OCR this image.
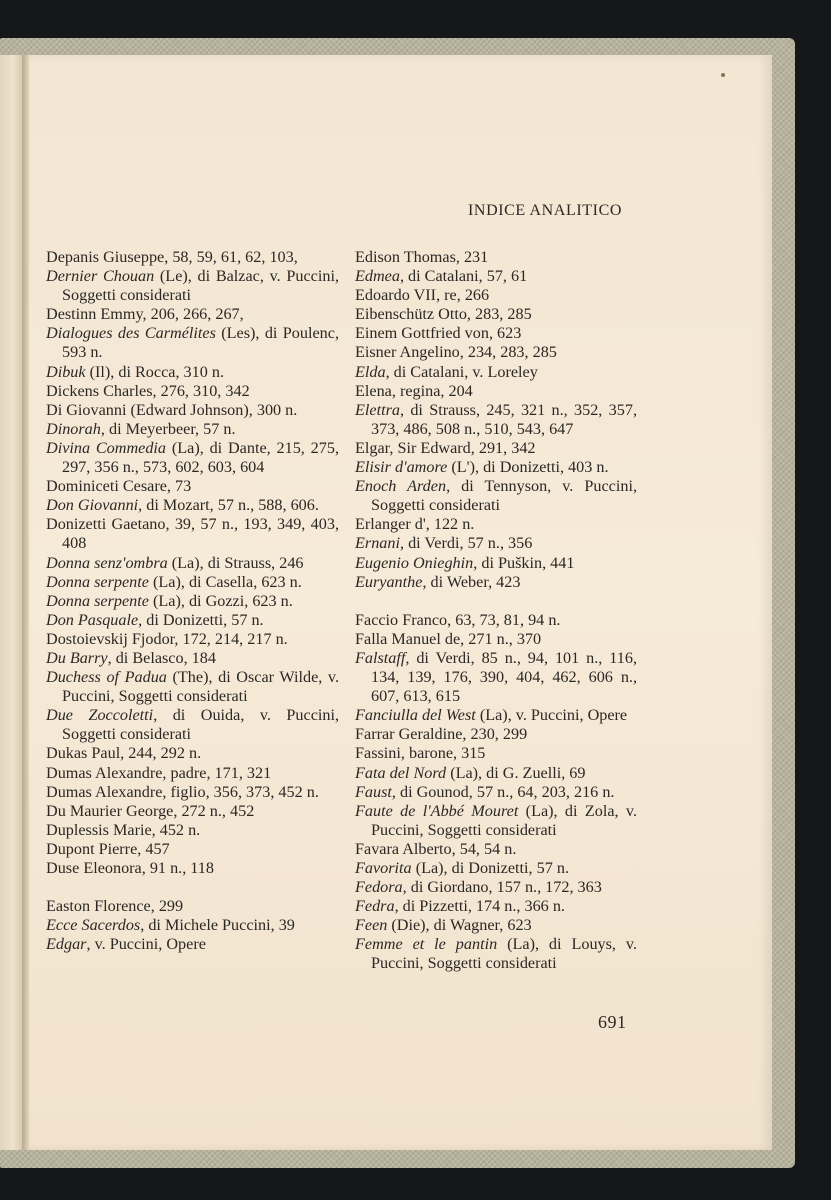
INDICE ANALITICO
Depanis Giuseppe, 58, 59, 61, 62, 103,
Dernier Chouan (Le), di Balzac, v. Puccini, Soggetti considerati
Destinn Emmy, 206, 266, 267,
Dialogues des Carmélites (Les), di Poulenc, 593 n.
Dibuk (Il), di Rocca, 310 n.
Dickens Charles, 276, 310, 342
Di Giovanni (Edward Johnson), 300 n.
Dinorah, di Meyerbeer, 57 n.
Divina Commedia (La), di Dante, 215, 275, 297, 356 n., 573, 602, 603, 604
Dominiceti Cesare, 73
Don Giovanni, di Mozart, 57 n., 588, 606.
Donizetti Gaetano, 39, 57 n., 193, 349, 403, 408
Donna senz'ombra (La), di Strauss, 246
Donna serpente (La), di Casella, 623 n.
Donna serpente (La), di Gozzi, 623 n.
Don Pasquale, di Donizetti, 57 n.
Dostoievskij Fjodor, 172, 214, 217 n.
Du Barry, di Belasco, 184
Duchess of Padua (The), di Oscar Wilde, v. Puccini, Soggetti considerati
Due Zoccoletti, di Ouida, v. Puccini, Soggetti considerati
Dukas Paul, 244, 292 n.
Dumas Alexandre, padre, 171, 321
Dumas Alexandre, figlio, 356, 373, 452 n.
Du Maurier George, 272 n., 452
Duplessis Marie, 452 n.
Dupont Pierre, 457
Duse Eleonora, 91 n., 118
Easton Florence, 299
Ecce Sacerdos, di Michele Puccini, 39
Edgar, v. Puccini, Opere
Edison Thomas, 231
Edmea, di Catalani, 57, 61
Edoardo VII, re, 266
Eibenschütz Otto, 283, 285
Einem Gottfried von, 623
Eisner Angelino, 234, 283, 285
Elda, di Catalani, v. Loreley
Elena, regina, 204
Elettra, di Strauss, 245, 321 n., 352, 357, 373, 486, 508 n., 510, 543, 647
Elgar, Sir Edward, 291, 342
Elisir d'amore (L'), di Donizetti, 403 n.
Enoch Arden, di Tennyson, v. Puccini, Soggetti considerati
Erlanger d', 122 n.
Ernani, di Verdi, 57 n., 356
Eugenio Onieghin, di Puškin, 441
Euryanthe, di Weber, 423
Faccio Franco, 63, 73, 81, 94 n.
Falla Manuel de, 271 n., 370
Falstaff, di Verdi, 85 n., 94, 101 n., 116, 134, 139, 176, 390, 404, 462, 606 n., 607, 613, 615
Fanciulla del West (La), v. Puccini, Opere
Farrar Geraldine, 230, 299
Fassini, barone, 315
Fata del Nord (La), di G. Zuelli, 69
Faust, di Gounod, 57 n., 64, 203, 216 n.
Faute de l'Abbé Mouret (La), di Zola, v. Puccini, Soggetti considerati
Favara Alberto, 54, 54 n.
Favorita (La), di Donizetti, 57 n.
Fedora, di Giordano, 157 n., 172, 363
Fedra, di Pizzetti, 174 n., 366 n.
Feen (Die), di Wagner, 623
Femme et le pantin (La), di Louys, v. Puccini, Soggetti considerati
691
